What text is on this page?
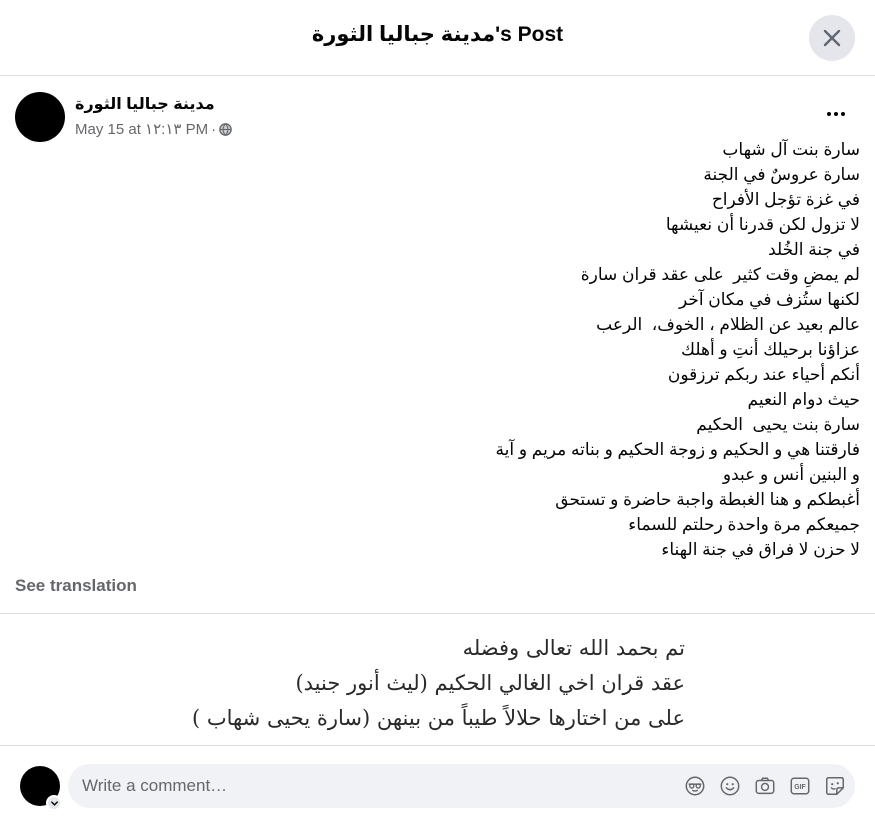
مدينة جباليا الثورة's Post
مدينة جباليا الثورة
May 15 at ١٢:١٣ PM ·
سارة بنت آل شهاب
سارة عروسٌ في الجنة
في غزة تؤجل الأفراح
لا تزول لكن قدرنا أن نعيشها
في جنة الخُلد
لم يمضِ وقت كثير  على عقد قران سارة
لكنها ستُزف في مكان آخر
عالم بعيد عن الظلام ، الخوف،  الرعب
عزاؤنا برحيلك أنتِ و أهلك
أنكم أحياء عند ربكم ترزقون
حيث دوام النعيم
سارة بنت يحيى  الحكيم
فارقتنا هي و الحكيم و زوجة الحكيم و بناته مريم و آية
و البنين أنس و عبدو
أغبطكم و هنا الغبطة واجبة حاضرة و تستحق
جميعكم مرة واحدة رحلتم للسماء
لا حزن لا فراق في جنة الهناء
See translation
تم بحمد الله تعالى وفضله
عقد قران اخي الغالي الحكيم (ليث أنور جنيد)
على من اختارها حلالاً طيباً من بينهن (سارة يحيى شهاب )
Write a comment…
GIF
